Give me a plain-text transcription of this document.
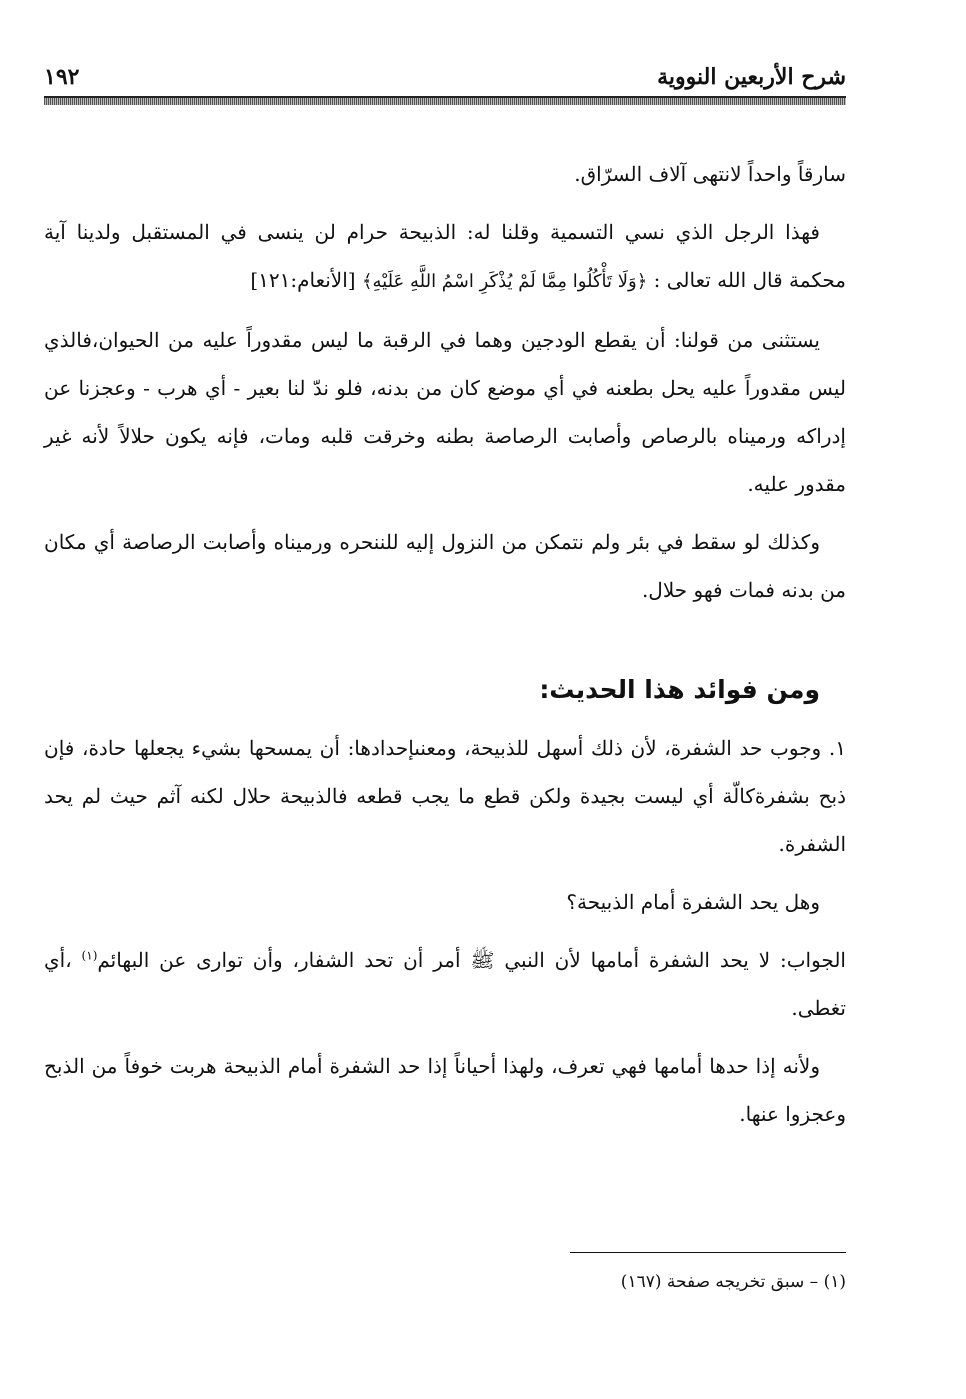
شرح الأربعين النووية
١٩٢

سارقاً واحداً لانتهى آلاف السرّاق.

فهذا الرجل الذي نسي التسمية وقلنا له: الذبيحة حرام لن ينسى في المستقبل ولدينا آية محكمة قال الله تعالى : ﴿وَلَا تَأْكُلُوا مِمَّا لَمْ يُذْكَرِ اسْمُ اللَّهِ عَلَيْهِ﴾ [الأنعام:١٢١]

يستثنى من قولنا: أن يقطع الودجين وهما في الرقبة ما ليس مقدوراً عليه من الحيوان،فالذي ليس مقدوراً عليه يحل بطعنه في أي موضع كان من بدنه، فلو ندّ لنا بعير - أي هرب - وعجزنا عن إدراكه ورميناه بالرصاص وأصابت الرصاصة بطنه وخرقت قلبه ومات، فإنه يكون حلالاً لأنه غير مقدور عليه.

وكذلك لو سقط في بئر ولم نتمكن من النزول إليه للننحره ورميناه وأصابت الرصاصة أي مكان من بدنه فمات فهو حلال.

ومن فوائد هذا الحديث:

١. وجوب حد الشفرة، لأن ذلك أسهل للذبيحة، ومعنىإحدادها: أن يمسحها بشيء يجعلها حادة، فإن ذبح بشفرةكالّة أي ليست بجيدة ولكن قطع ما يجب قطعه فالذبيحة حلال لكنه آثم حيث لم يحد الشفرة.

وهل يحد الشفرة أمام الذبيحة؟

الجواب: لا يحد الشفرة أمامها لأن النبي ﷺ أمر أن تحد الشفار، وأن توارى عن البهائم$^{(١)}$ ،أي تغطى.

ولأنه إذا حدها أمامها فهي تعرف، ولهذا أحياناً إذا حد الشفرة أمام الذبيحة هربت خوفاً من الذبح وعجزوا عنها.

(١) – سبق تخريجه صفحة (١٦٧)
